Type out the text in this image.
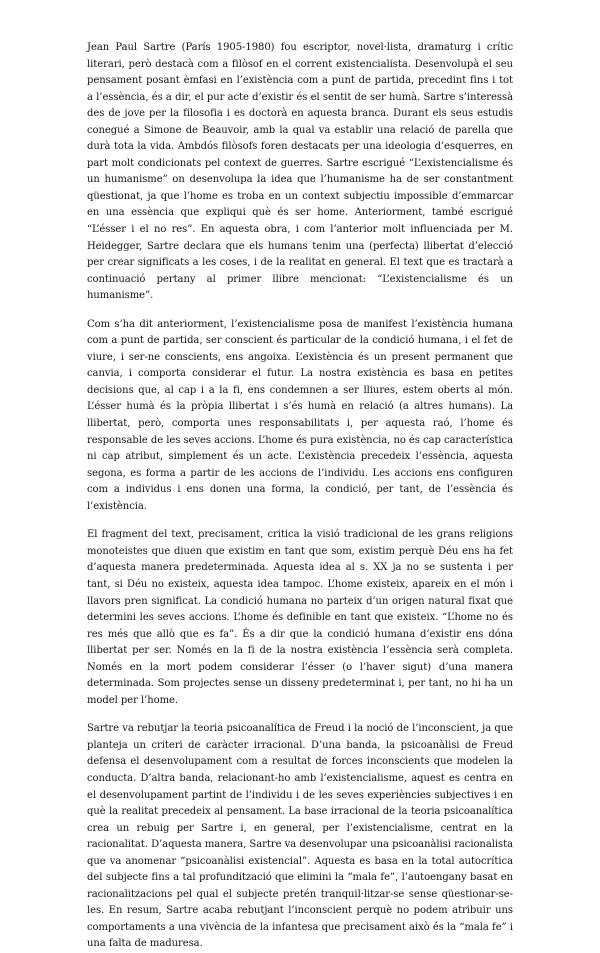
Jean Paul Sartre (París 1905-1980) fou escriptor, novel·lista, dramaturg i crític literari, però destacà com a filòsof en el corrent existencialista. Desenvolupà el seu pensament posant èmfasi en l’existència com a punt de partida, precedint fins i tot a l’essència, és a dir, el pur acte d’existir és el sentit de ser humà. Sartre s’interessà des de jove per la filosofia i es doctorà en aquesta branca. Durant els seus estudis conegué a Simone de Beauvoir, amb la qual va establir una relació de parella que durà tota la vida. Ambdós filòsofs foren destacats per una ideologia d’esquerres, en part molt condicionats pel context de guerres. Sartre escrigué “L’existencialisme és un humanisme” on desenvolupa la idea que l’humanisme ha de ser constantment qüestionat, ja que l’home es troba en un context subjectiu impossible d’emmarcar en una essència que expliqui què és ser home. Anteriorment, també escrigué “L’ésser i el no res”. En aquesta obra, i com l’anterior molt influenciada per M. Heidegger, Sartre declara que els humans tenim una (perfecta) llibertat d’elecció per crear significats a les coses, i de la realitat en general. El text que es tractarà a continuació pertany al primer llibre mencionat: “L’existencialisme és un humanisme”.

Com s’ha dit anteriorment, l’existencialisme posa de manifest l’existència humana com a punt de partida, ser conscient és particular de la condició humana, i el fet de viure, i ser-ne conscients, ens angoixa. L’existència és un present permanent que canvia, i comporta considerar el futur. La nostra existència es basa en petites decisions que, al cap i a la fi, ens condemnen a ser lliures, estem oberts al món. L’ésser humà és la pròpia llibertat i s’és humà en relació (a altres humans). La llibertat, però, comporta unes responsabilitats i, per aquesta raó, l’home és responsable de les seves accions. L’home és pura existència, no és cap característica ni cap atribut, simplement és un acte. L’existència precedeix l’essència, aquesta segona, es forma a partir de les accions de l’individu. Les accions ens configuren com a individus i ens donen una forma, la condició, per tant, de l’essència és l’existència.

El fragment del text, precisament, critica la visió tradicional de les grans religions monoteistes que diuen que existim en tant que som, existim perquè Déu ens ha fet d’aquesta manera predeterminada. Aquesta idea al s. XX ja no se sustenta i per tant, si Déu no existeix, aquesta idea tampoc. L’home existeix, apareix en el món i llavors pren significat. La condició humana no parteix d’un origen natural fixat que determini les seves accions. L’home és definible en tant que existeix. “L’home no és res més que allò que es fa”. És a dir que la condició humana d’existir ens dóna llibertat per ser. Només en la fi de la nostra existència l’essència serà completa. Només en la mort podem considerar l’ésser (o l’haver sigut) d’una manera determinada. Som projectes sense un disseny predeterminat i, per tant, no hi ha un model per l’home.

Sartre va rebutjar la teoria psicoanalítica de Freud i la noció de l’inconscient, ja que planteja un criteri de caràcter irracional. D’una banda, la psicoanàlisi de Freud defensa el desenvolupament com a resultat de forces inconscients que modelen la conducta. D’altra banda, relacionant-ho amb l’existencialisme, aquest es centra en el desenvolupament partint de l’individu i de les seves experiències subjectives i en què la realitat precedeix al pensament. La base irracional de la teoria psicoanalítica crea un rebuig per Sartre i, en general, per l’existencialisme, centrat en la racionalitat. D’aquesta manera, Sartre va desenvolupar una psicoanàlisi racionalista que va anomenar “psicoanàlisi existencial”. Aquesta es basa en la total autocrítica del subjecte fins a tal profundització que elimini la “mala fe”, l’autoengany basat en racionalitzacions pel qual el subjecte pretén tranquil·litzar-se sense qüestionar-se-les. En resum, Sartre acaba rebutjant l’inconscient perquè no podem atribuir uns comportaments a una vivència de la infantesa que precisament això és la “mala fe” i una falta de maduresa.
